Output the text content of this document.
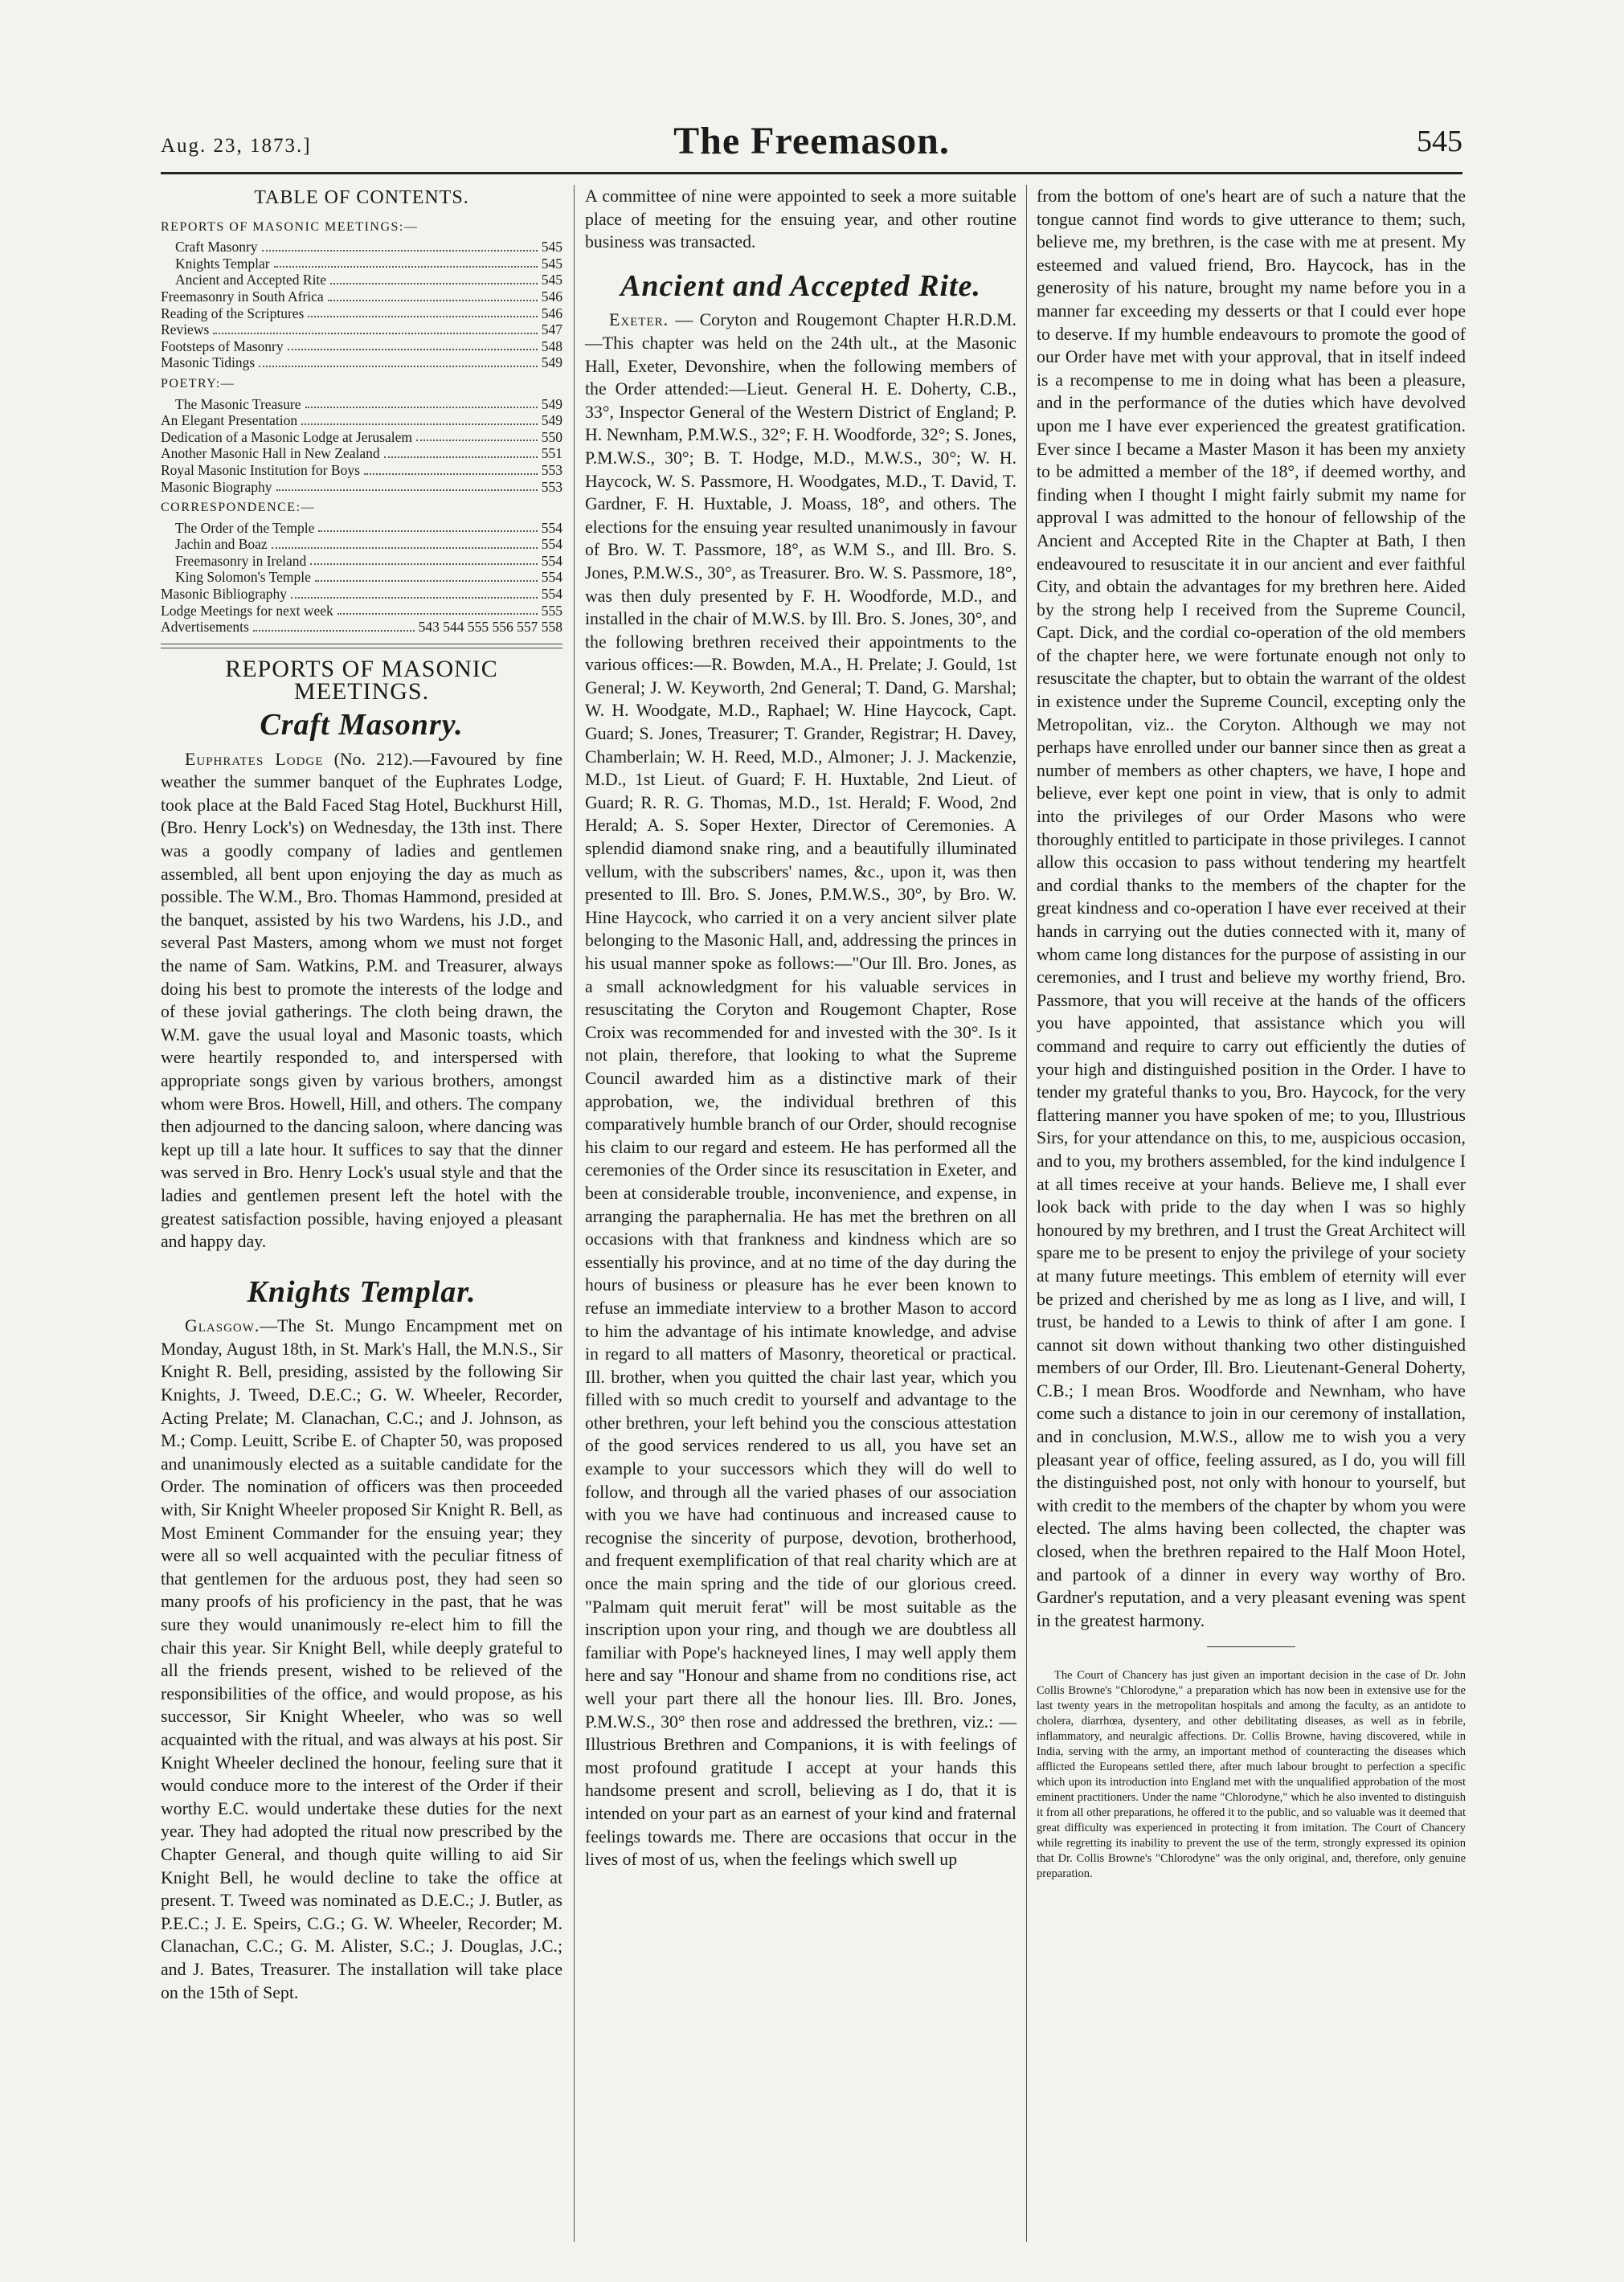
Aug. 23, 1873.]	The Freemason.	545
TABLE OF CONTENTS.
REPORTS OF MASONIC MEETINGS:—
Craft Masonry	545
Knights Templar	545
Ancient and Accepted Rite	545
Freemasonry in South Africa	546
Reading of the Scriptures	546
Reviews	547
Footsteps of Masonry	548
Masonic Tidings	549
POETRY:—
The Masonic Treasure	549
An Elegant Presentation	549
Dedication of a Masonic Lodge at Jerusalem	550
Another Masonic Hall in New Zealand	551
Royal Masonic Institution for Boys	553
Masonic Biography	553
CORRESPONDENCE:—
The Order of the Temple	554
Jachin and Boaz	554
Freemasonry in Ireland	554
King Solomon's Temple	554
Masonic Bibliography	554
Lodge Meetings for next week	555
Advertisements	543 544 555 556 557 558
REPORTS OF MASONIC MEETINGS.
Craft Masonry.

Euphrates Lodge (No. 212).—Favoured by fine weather the summer banquet of the Euphrates Lodge, took place at the Bald Faced Stag Hotel, Buckhurst Hill, (Bro. Henry Lock's) on Wednesday, the 13th inst. There was a goodly company of ladies and gentlemen assembled, all bent upon enjoying the day as much as possible. The W.M., Bro. Thomas Hammond, presided at the banquet, assisted by his two Wardens, his J.D., and several Past Masters, among whom we must not forget the name of Sam. Watkins, P.M. and Treasurer, always doing his best to promote the interests of the lodge and of these jovial gatherings. The cloth being drawn, the W.M. gave the usual loyal and Masonic toasts, which were heartily responded to, and interspersed with appropriate songs given by various brothers, amongst whom were Bros. Howell, Hill, and others. The company then adjourned to the dancing saloon, where dancing was kept up till a late hour. It suffices to say that the dinner was served in Bro. Henry Lock's usual style and that the ladies and gentlemen present left the hotel with the greatest satisfaction possible, having enjoyed a pleasant and happy day.

Knights Templar.

Glasgow.—The St. Mungo Encampment met on Monday, August 18th, in St. Mark's Hall, the M.N.S., Sir Knight R. Bell, presiding, assisted by the following Sir Knights, J. Tweed, D.E.C.; G. W. Wheeler, Recorder, Acting Prelate; M. Clanachan, C.C.; and J. Johnson, as M.; Comp. Leuitt, Scribe E. of Chapter 50, was proposed and unanimously elected as a suitable candidate for the Order. The nomination of officers was then proceeded with, Sir Knight Wheeler proposed Sir Knight R. Bell, as Most Eminent Commander for the ensuing year; they were all so well acquainted with the peculiar fitness of that gentlemen for the arduous post, they had seen so many proofs of his proficiency in the past, that he was sure they would unanimously re-elect him to fill the chair this year. Sir Knight Bell, while deeply grateful to all the friends present, wished to be relieved of the responsibilities of the office, and would propose, as his successor, Sir Knight Wheeler, who was so well acquainted with the ritual, and was always at his post. Sir Knight Wheeler declined the honour, feeling sure that it would conduce more to the interest of the Order if their worthy E.C. would undertake these duties for the next year. They had adopted the ritual now prescribed by the Chapter General, and though quite willing to aid Sir Knight Bell, he would decline to take the office at present. T. Tweed was nominated as D.E.C.; J. Butler, as P.E.C.; J. E. Speirs, C.G.; G. W. Wheeler, Recorder; M. Clanachan, C.C.; G. M. Alister, S.C.; J. Douglas, J.C.; and J. Bates, Treasurer. The installation will take place on the 15th of Sept.

A committee of nine were appointed to seek a more suitable place of meeting for the ensuing year, and other routine business was transacted.

Ancient and Accepted Rite.

Exeter. — Coryton and Rougemont Chapter H.R.D.M.—This chapter was held on the 24th ult., at the Masonic Hall, Exeter, Devonshire, when the following members of the Order attended:—Lieut. General H. E. Doherty, C.B., 33°, Inspector General of the Western District of England; P. H. Newnham, P.M.W.S., 32°; F. H. Woodforde, 32°; S. Jones, P.M.W.S., 30°; B. T. Hodge, M.D., M.W.S., 30°; W. H. Haycock, W. S. Passmore, H. Woodgates, M.D., T. David, T. Gardner, F. H. Huxtable, J. Moass, 18°, and others. The elections for the ensuing year resulted unanimously in favour of Bro. W. T. Passmore, 18°, as W.M S., and Ill. Bro. S. Jones, P.M.W.S., 30°, as Treasurer. Bro. W. S. Passmore, 18°, was then duly presented by F. H. Woodforde, M.D., and installed in the chair of M.W.S. by Ill. Bro. S. Jones, 30°, and the following brethren received their appointments to the various offices:—R. Bowden, M.A., H. Prelate; J. Gould, 1st General; J. W. Keyworth, 2nd General; T. Dand, G. Marshal; W. H. Woodgate, M.D., Raphael; W. Hine Haycock, Capt. Guard; S. Jones, Treasurer; T. Grander, Registrar; H. Davey, Chamberlain; W. H. Reed, M.D., Almoner; J. J. Mackenzie, M.D., 1st Lieut. of Guard; F. H. Huxtable, 2nd Lieut. of Guard; R. R. G. Thomas, M.D., 1st. Herald; F. Wood, 2nd Herald; A. S. Soper Hexter, Director of Ceremonies. A splendid diamond snake ring, and a beautifully illuminated vellum, with the subscribers' names, &c., upon it, was then presented to Ill. Bro. S. Jones, P.M.W.S., 30°, by Bro. W. Hine Haycock, who carried it on a very ancient silver plate belonging to the Masonic Hall, and, addressing the princes in his usual manner spoke as follows:—"Our Ill. Bro. Jones, as a small acknowledgment for his valuable services in resuscitating the Coryton and Rougemont Chapter, Rose Croix was recommended for and invested with the 30°. Is it not plain, therefore, that looking to what the Supreme Council awarded him as a distinctive mark of their approbation, we, the individual brethren of this comparatively humble branch of our Order, should recognise his claim to our regard and esteem. He has performed all the ceremonies of the Order since its resuscitation in Exeter, and been at considerable trouble, inconvenience, and expense, in arranging the paraphernalia. He has met the brethren on all occasions with that frankness and kindness which are so essentially his province, and at no time of the day during the hours of business or pleasure has he ever been known to refuse an immediate interview to a brother Mason to accord to him the advantage of his intimate knowledge, and advise in regard to all matters of Masonry, theoretical or practical. Ill. brother, when you quitted the chair last year, which you filled with so much credit to yourself and advantage to the other brethren, your left behind you the conscious attestation of the good services rendered to us all, you have set an example to your successors which they will do well to follow, and through all the varied phases of our association with you we have had continuous and increased cause to recognise the sincerity of purpose, devotion, brotherhood, and frequent exemplification of that real charity which are at once the main spring and the tide of our glorious creed. "Palmam quit meruit ferat" will be most suitable as the inscription upon your ring, and though we are doubtless all familiar with Pope's hackneyed lines, I may well apply them here and say "Honour and shame from no conditions rise, act well your part there all the honour lies. Ill. Bro. Jones, P.M.W.S., 30° then rose and addressed the brethren, viz.: — Illustrious Brethren and Companions, it is with feelings of most profound gratitude I accept at your hands this handsome present and scroll, believing as I do, that it is intended on your part as an earnest of your kind and fraternal feelings towards me. There are occasions that occur in the lives of most of us, when the feelings which swell up

from the bottom of one's heart are of such a nature that the tongue cannot find words to give utterance to them; such, believe me, my brethren, is the case with me at present. My esteemed and valued friend, Bro. Haycock, has in the generosity of his nature, brought my name before you in a manner far exceeding my desserts or that I could ever hope to deserve. If my humble endeavours to promote the good of our Order have met with your approval, that in itself indeed is a recompense to me in doing what has been a pleasure, and in the performance of the duties which have devolved upon me I have ever experienced the greatest gratification. Ever since I became a Master Mason it has been my anxiety to be admitted a member of the 18°, if deemed worthy, and finding when I thought I might fairly submit my name for approval I was admitted to the honour of fellowship of the Ancient and Accepted Rite in the Chapter at Bath, I then endeavoured to resuscitate it in our ancient and ever faithful City, and obtain the advantages for my brethren here. Aided by the strong help I received from the Supreme Council, Capt. Dick, and the cordial co-operation of the old members of the chapter here, we were fortunate enough not only to resuscitate the chapter, but to obtain the warrant of the oldest in existence under the Supreme Council, excepting only the Metropolitan, viz.. the Coryton. Although we may not perhaps have enrolled under our banner since then as great a number of members as other chapters, we have, I hope and believe, ever kept one point in view, that is only to admit into the privileges of our Order Masons who were thoroughly entitled to participate in those privileges. I cannot allow this occasion to pass without tendering my heartfelt and cordial thanks to the members of the chapter for the great kindness and co-operation I have ever received at their hands in carrying out the duties connected with it, many of whom came long distances for the purpose of assisting in our ceremonies, and I trust and believe my worthy friend, Bro. Passmore, that you will receive at the hands of the officers you have appointed, that assistance which you will command and require to carry out efficiently the duties of your high and distinguished position in the Order. I have to tender my grateful thanks to you, Bro. Haycock, for the very flattering manner you have spoken of me; to you, Illustrious Sirs, for your attendance on this, to me, auspicious occasion, and to you, my brothers assembled, for the kind indulgence I at all times receive at your hands. Believe me, I shall ever look back with pride to the day when I was so highly honoured by my brethren, and I trust the Great Architect will spare me to be present to enjoy the privilege of your society at many future meetings. This emblem of eternity will ever be prized and cherished by me as long as I live, and will, I trust, be handed to a Lewis to think of after I am gone. I cannot sit down without thanking two other distinguished members of our Order, Ill. Bro. Lieutenant-General Doherty, C.B.; I mean Bros. Woodforde and Newnham, who have come such a distance to join in our ceremony of installation, and in conclusion, M.W.S., allow me to wish you a very pleasant year of office, feeling assured, as I do, you will fill the distinguished post, not only with honour to yourself, but with credit to the members of the chapter by whom you were elected. The alms having been collected, the chapter was closed, when the brethren repaired to the Half Moon Hotel, and partook of a dinner in every way worthy of Bro. Gardner's reputation, and a very pleasant evening was spent in the greatest harmony.

The Court of Chancery has just given an important decision in the case of Dr. John Collis Browne's "Chlorodyne," a preparation which has now been in extensive use for the last twenty years in the metropolitan hospitals and among the faculty, as an antidote to cholera, diarrhœa, dysentery, and other debilitating diseases, as well as in febrile, inflammatory, and neuralgic affections. Dr. Collis Browne, having discovered, while in India, serving with the army, an important method of counteracting the diseases which afflicted the Europeans settled there, after much labour brought to perfection a specific which upon its introduction into England met with the unqualified approbation of the most eminent practitioners. Under the name "Chlorodyne," which he also invented to distinguish it from all other preparations, he offered it to the public, and so valuable was it deemed that great difficulty was experienced in protecting it from imitation. The Court of Chancery while regretting its inability to prevent the use of the term, strongly expressed its opinion that Dr. Collis Browne's "Chlorodyne" was the only original, and, therefore, only genuine preparation.
